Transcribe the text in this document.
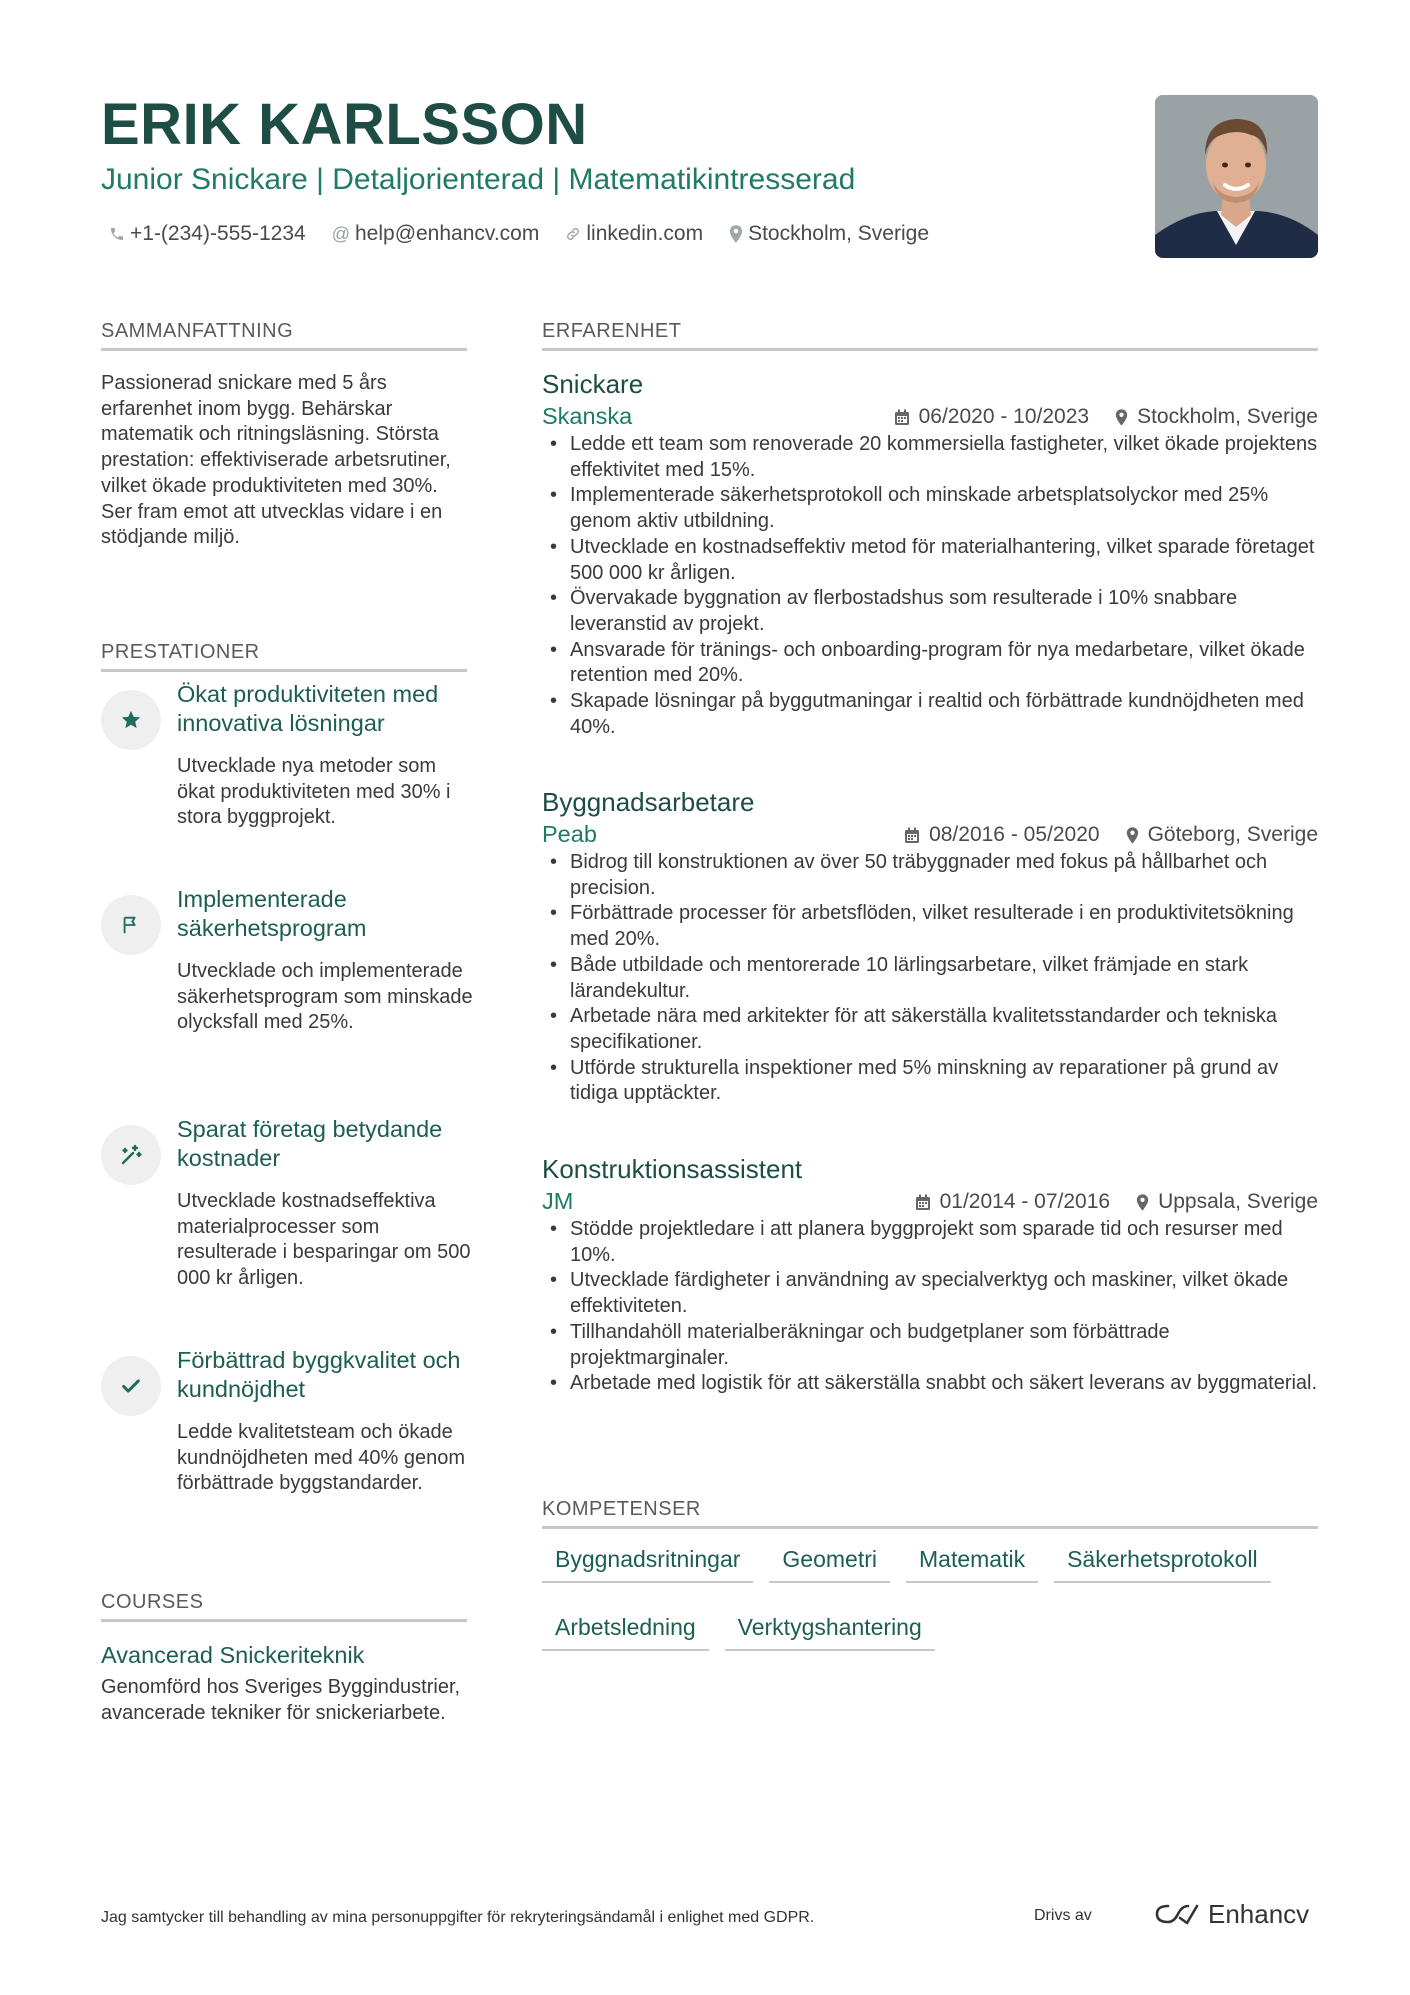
ERIK KARLSSON
Junior Snickare | Detaljorienterad | Matematikintresserad
+1-(234)-555-1234 @ help@enhancv.com linkedin.com Stockholm, Sverige
SAMMANFATTNING
Passionerad snickare med 5 års erfarenhet inom bygg. Behärskar matematik och ritningsläsning. Största prestation: effektiviserade arbetsrutiner, vilket ökade produktiviteten med 30%. Ser fram emot att utvecklas vidare i en stödjande miljö.
PRESTATIONER
Ökat produktiviteten med innovativa lösningar
Utvecklade nya metoder som ökat produktiviteten med 30% i stora byggprojekt.
Implementerade säkerhetsprogram
Utvecklade och implementerade säkerhetsprogram som minskade olycksfall med 25%.
Sparat företag betydande kostnader
Utvecklade kostnadseffektiva materialprocesser som resulterade i besparingar om 500 000 kr årligen.
Förbättrad byggkvalitet och kundnöjdhet
Ledde kvalitetsteam och ökade kundnöjdheten med 40% genom förbättrade byggstandarder.
COURSES
Avancerad Snickeriteknik
Genomförd hos Sveriges Byggindustrier, avancerade tekniker för snickeriarbete.
ERFARENHET
Snickare
Skanska	06/2020 - 10/2023 Stockholm, Sverige
• Ledde ett team som renoverade 20 kommersiella fastigheter, vilket ökade projektens effektivitet med 15%.
• Implementerade säkerhetsprotokoll och minskade arbetsplatsolyckor med 25% genom aktiv utbildning.
• Utvecklade en kostnadseffektiv metod för materialhantering, vilket sparade företaget 500 000 kr årligen.
• Övervakade byggnation av flerbostadshus som resulterade i 10% snabbare leveranstid av projekt.
• Ansvarade för tränings- och onboarding-program för nya medarbetare, vilket ökade retention med 20%.
• Skapade lösningar på byggutmaningar i realtid och förbättrade kundnöjdheten med 40%.
Byggnadsarbetare
Peab	08/2016 - 05/2020 Göteborg, Sverige
• Bidrog till konstruktionen av över 50 träbyggnader med fokus på hållbarhet och precision.
• Förbättrade processer för arbetsflöden, vilket resulterade i en produktivitetsökning med 20%.
• Både utbildade och mentorerade 10 lärlingsarbetare, vilket främjade en stark lärandekultur.
• Arbetade nära med arkitekter för att säkerställa kvalitetsstandarder och tekniska specifikationer.
• Utförde strukturella inspektioner med 5% minskning av reparationer på grund av tidiga upptäckter.
Konstruktionsassistent
JM	01/2014 - 07/2016 Uppsala, Sverige
• Stödde projektledare i att planera byggprojekt som sparade tid och resurser med 10%.
• Utvecklade färdigheter i användning av specialverktyg och maskiner, vilket ökade effektiviteten.
• Tillhandahöll materialberäkningar och budgetplaner som förbättrade projektmarginaler.
• Arbetade med logistik för att säkerställa snabbt och säkert leverans av byggmaterial.
KOMPETENSER
Byggnadsritningar	Geometri	Matematik	Säkerhetsprotokoll
Arbetsledning	Verktygshantering
Jag samtycker till behandling av mina personuppgifter för rekryteringsändamål i enlighet med GDPR.	Drivs av	Enhancv
